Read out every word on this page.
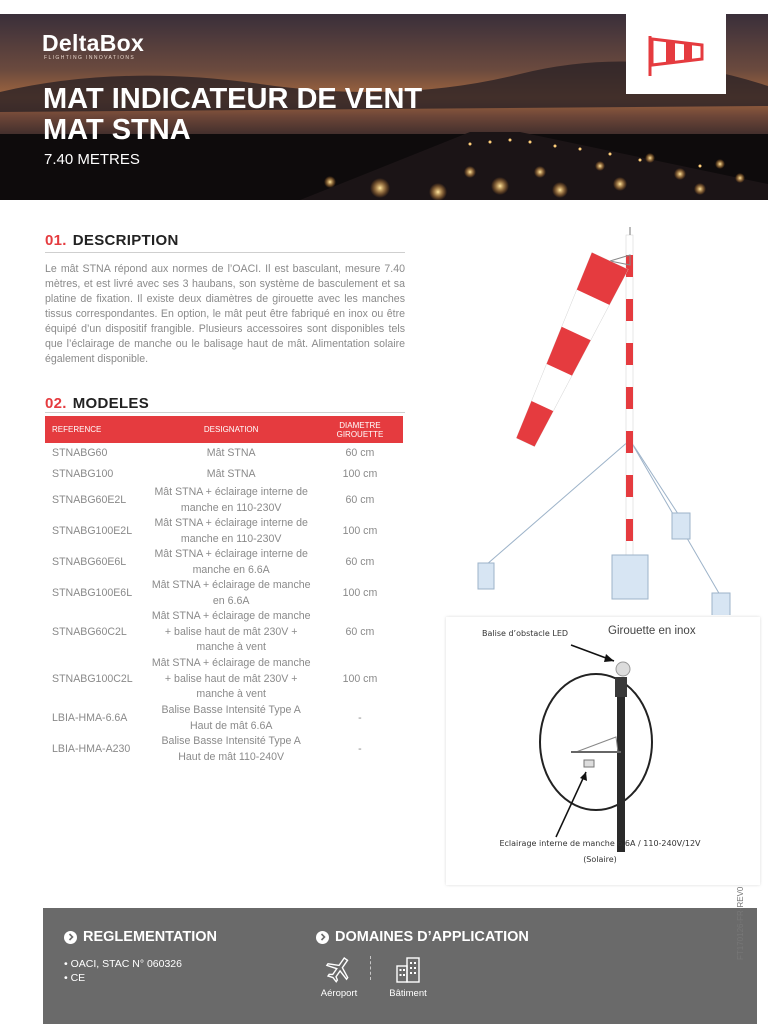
DeltaBox
FLIGHTING INNOVATIONS
MAT INDICATEUR DE VENT
MAT STNA
7.40 METRES
01. DESCRIPTION

Le mât STNA répond aux normes de l’OACI. Il est basculant, mesure 7.40 mètres, et est livré avec ses 3 haubans, son système de basculement et sa platine de fixation. Il existe deux diamètres de girouette avec les manches tissus correspondantes. En option, le mât peut être fabriqué en inox ou être équipé d’un dispositif frangible. Plusieurs accessoires sont disponibles tels que l’éclairage de manche ou le balisage haut de mât. Alimentation solaire également disponible.

02. MODELES
REFERENCE	DESIGNATION	DIAMETRE GIROUETTE
STNABG60	Mât STNA	60 cm
STNABG100	Mât STNA	100 cm
STNABG60E2L	Mât STNA + éclairage interne de manche en 110-230V	60 cm
STNABG100E2L	Mât STNA + éclairage interne de manche en 110-230V	100 cm
STNABG60E6L	Mât STNA + éclairage interne de manche en 6.6A	60 cm
STNABG100E6L	Mât STNA + éclairage de manche en 6.6A	100 cm
STNABG60C2L	Mât STNA + éclairage de manche + balise haut de mât 230V + manche à vent	60 cm
STNABG100C2L	Mât STNA + éclairage de manche + balise haut de mât 230V + manche à vent	100 cm
LBIA-HMA-6.6A	Balise Basse Intensité Type A Haut de mât 6.6A	-
LBIA-HMA-A230	Balise Basse Intensité Type A Haut de mât 110-240V	-
Balise d’obstacle LED	Girouette en inox
Eclairage interne de manche 6.6A / 110-240V/12V
(Solaire)
REGLEMENTATION
• OACI, STAC N° 060326
• CE
DOMAINES D’APPLICATION
Aéroport	Bâtiment
FT170126-FR-REV0
